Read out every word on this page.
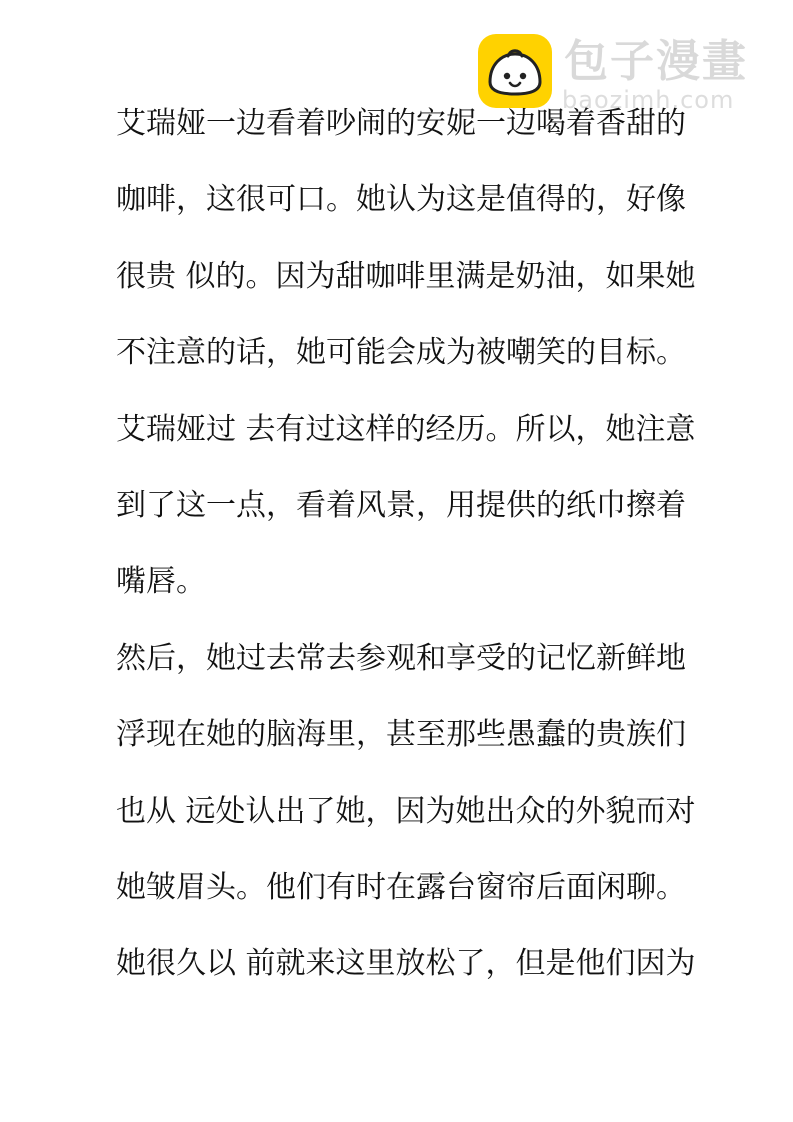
包子漫畫
baozimh.com
艾瑞娅一边看着吵闹的安妮一边喝着香甜的
咖啡，这很可口。她认为这是值得的，好像
很贵 似的。因为甜咖啡里满是奶油，如果她
不注意的话，她可能会成为被嘲笑的目标。
艾瑞娅过 去有过这样的经历。所以，她注意
到了这一点，看着风景，用提供的纸巾擦着
嘴唇。
然后，她过去常去参观和享受的记忆新鲜地
浮现在她的脑海里，甚至那些愚蠢的贵族们
也从 远处认出了她，因为她出众的外貌而对
她皱眉头。他们有时在露台窗帘后面闲聊。
她很久以 前就来这里放松了，但是他们因为
